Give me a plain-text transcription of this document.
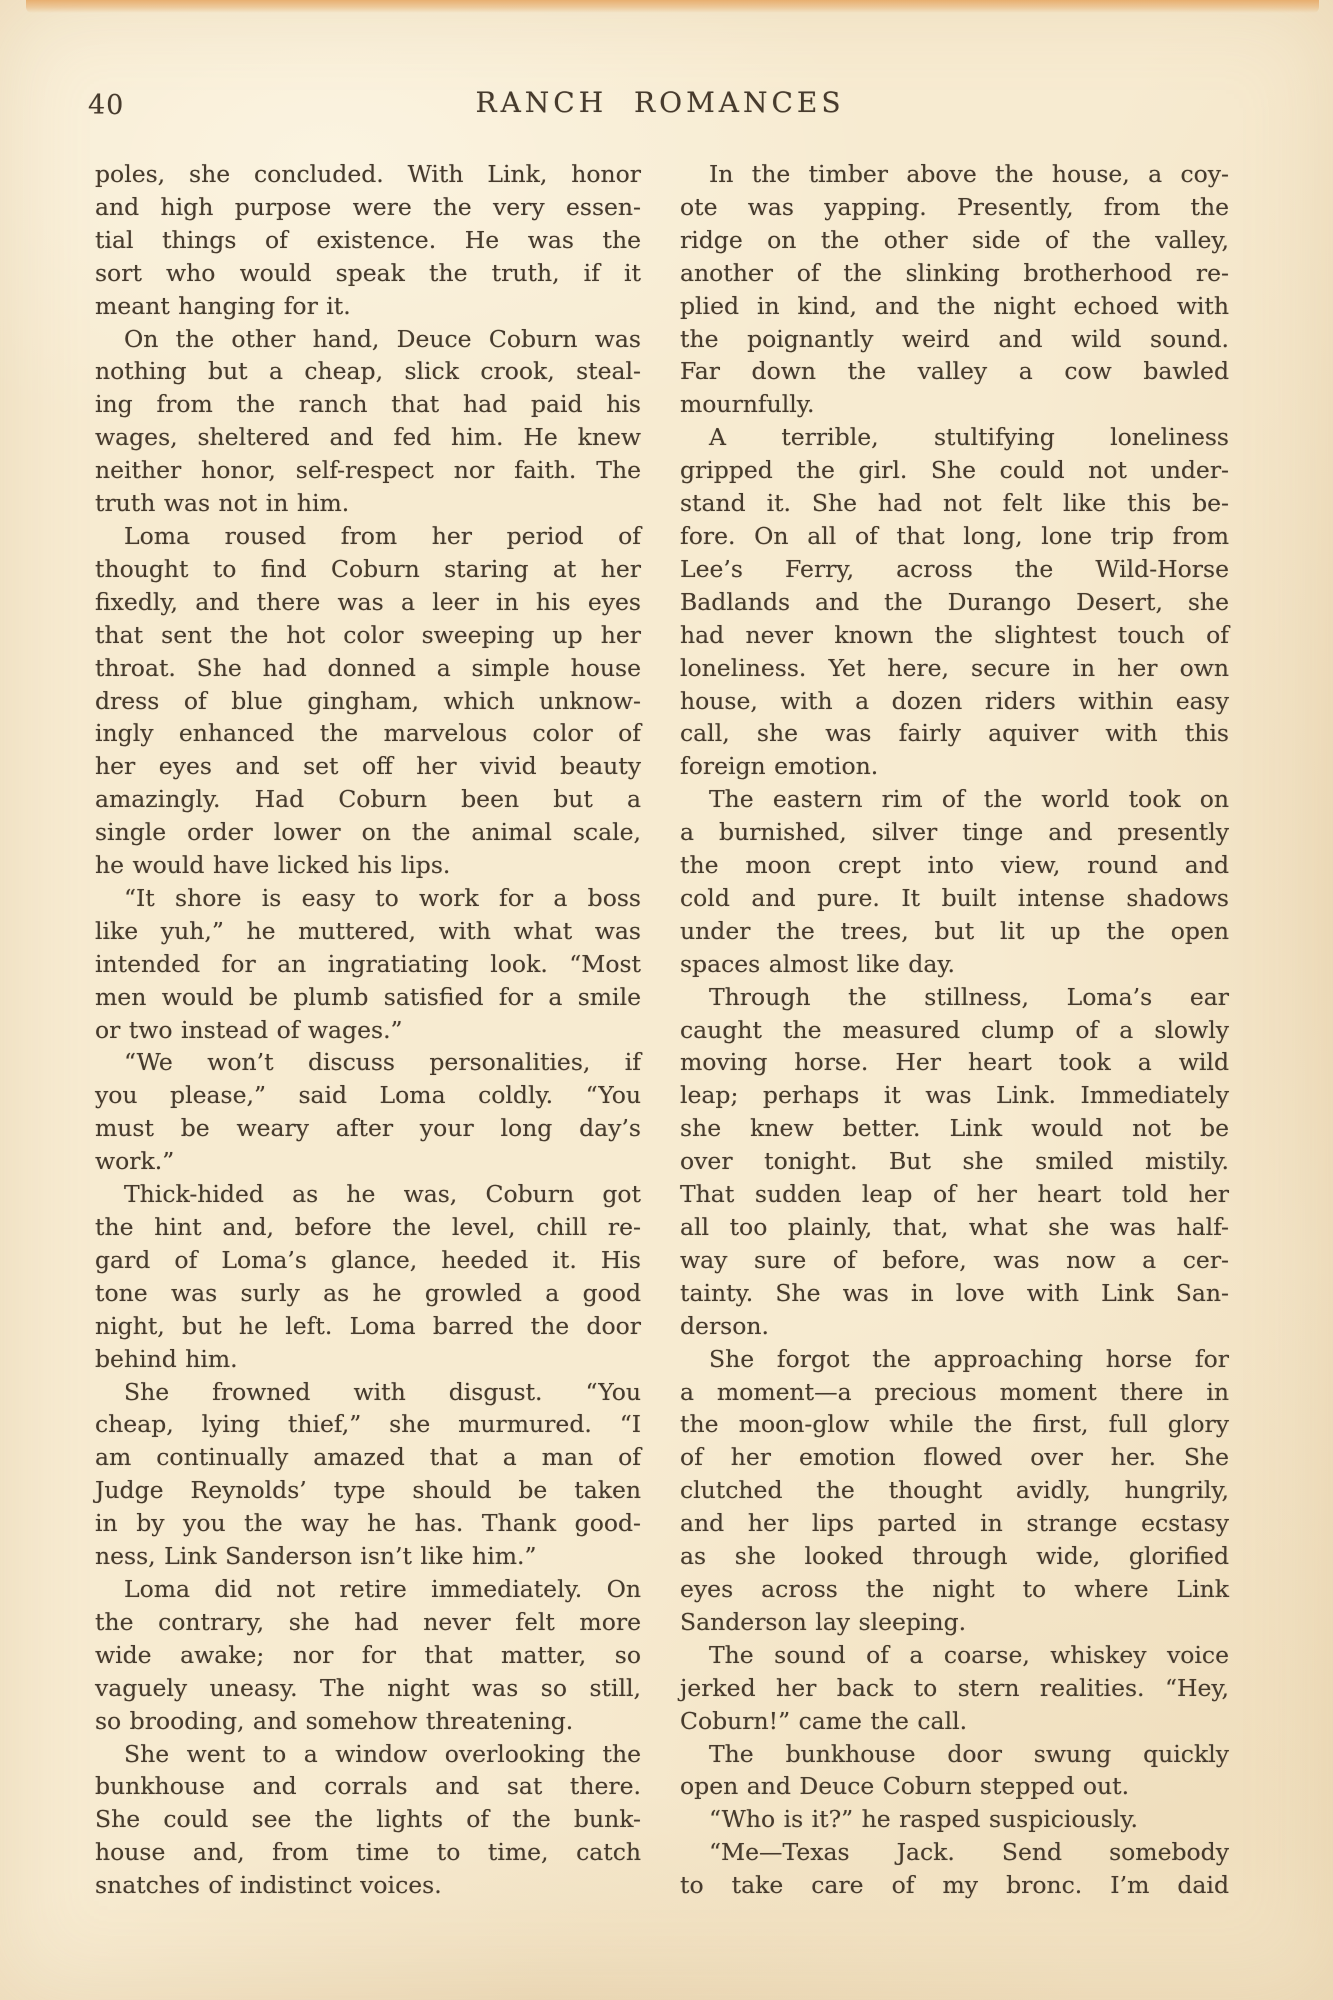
40	RANCH ROMANCES
poles, she concluded. With Link, honor
and high purpose were the very essen-
tial things of existence. He was the
sort who would speak the truth, if it
meant hanging for it.
On the other hand, Deuce Coburn was
nothing but a cheap, slick crook, steal-
ing from the ranch that had paid his
wages, sheltered and fed him. He knew
neither honor, self-respect nor faith. The
truth was not in him.
Loma roused from her period of
thought to find Coburn staring at her
fixedly, and there was a leer in his eyes
that sent the hot color sweeping up her
throat. She had donned a simple house
dress of blue gingham, which unknow-
ingly enhanced the marvelous color of
her eyes and set off her vivid beauty
amazingly. Had Coburn been but a
single order lower on the animal scale,
he would have licked his lips.
“It shore is easy to work for a boss
like yuh,” he muttered, with what was
intended for an ingratiating look. “Most
men would be plumb satisfied for a smile
or two instead of wages.”
“We won’t discuss personalities, if
you please,” said Loma coldly. “You
must be weary after your long day’s
work.”
Thick-hided as he was, Coburn got
the hint and, before the level, chill re-
gard of Loma’s glance, heeded it. His
tone was surly as he growled a good
night, but he left. Loma barred the door
behind him.
She frowned with disgust. “You
cheap, lying thief,” she murmured. “I
am continually amazed that a man of
Judge Reynolds’ type should be taken
in by you the way he has. Thank good-
ness, Link Sanderson isn’t like him.”
Loma did not retire immediately. On
the contrary, she had never felt more
wide awake; nor for that matter, so
vaguely uneasy. The night was so still,
so brooding, and somehow threatening.
She went to a window overlooking the
bunkhouse and corrals and sat there.
She could see the lights of the bunk-
house and, from time to time, catch
snatches of indistinct voices.
In the timber above the house, a coy-
ote was yapping. Presently, from the
ridge on the other side of the valley,
another of the slinking brotherhood re-
plied in kind, and the night echoed with
the poignantly weird and wild sound.
Far down the valley a cow bawled
mournfully.
A terrible, stultifying loneliness
gripped the girl. She could not under-
stand it. She had not felt like this be-
fore. On all of that long, lone trip from
Lee’s Ferry, across the Wild-Horse
Badlands and the Durango Desert, she
had never known the slightest touch of
loneliness. Yet here, secure in her own
house, with a dozen riders within easy
call, she was fairly aquiver with this
foreign emotion.
The eastern rim of the world took on
a burnished, silver tinge and presently
the moon crept into view, round and
cold and pure. It built intense shadows
under the trees, but lit up the open
spaces almost like day.
Through the stillness, Loma’s ear
caught the measured clump of a slowly
moving horse. Her heart took a wild
leap; perhaps it was Link. Immediately
she knew better. Link would not be
over tonight. But she smiled mistily.
That sudden leap of her heart told her
all too plainly, that, what she was half-
way sure of before, was now a cer-
tainty. She was in love with Link San-
derson.
She forgot the approaching horse for
a moment—a precious moment there in
the moon-glow while the first, full glory
of her emotion flowed over her. She
clutched the thought avidly, hungrily,
and her lips parted in strange ecstasy
as she looked through wide, glorified
eyes across the night to where Link
Sanderson lay sleeping.
The sound of a coarse, whiskey voice
jerked her back to stern realities. “Hey,
Coburn!” came the call.
The bunkhouse door swung quickly
open and Deuce Coburn stepped out.
“Who is it?” he rasped suspiciously.
“Me—Texas Jack. Send somebody
to take care of my bronc. I’m daid
